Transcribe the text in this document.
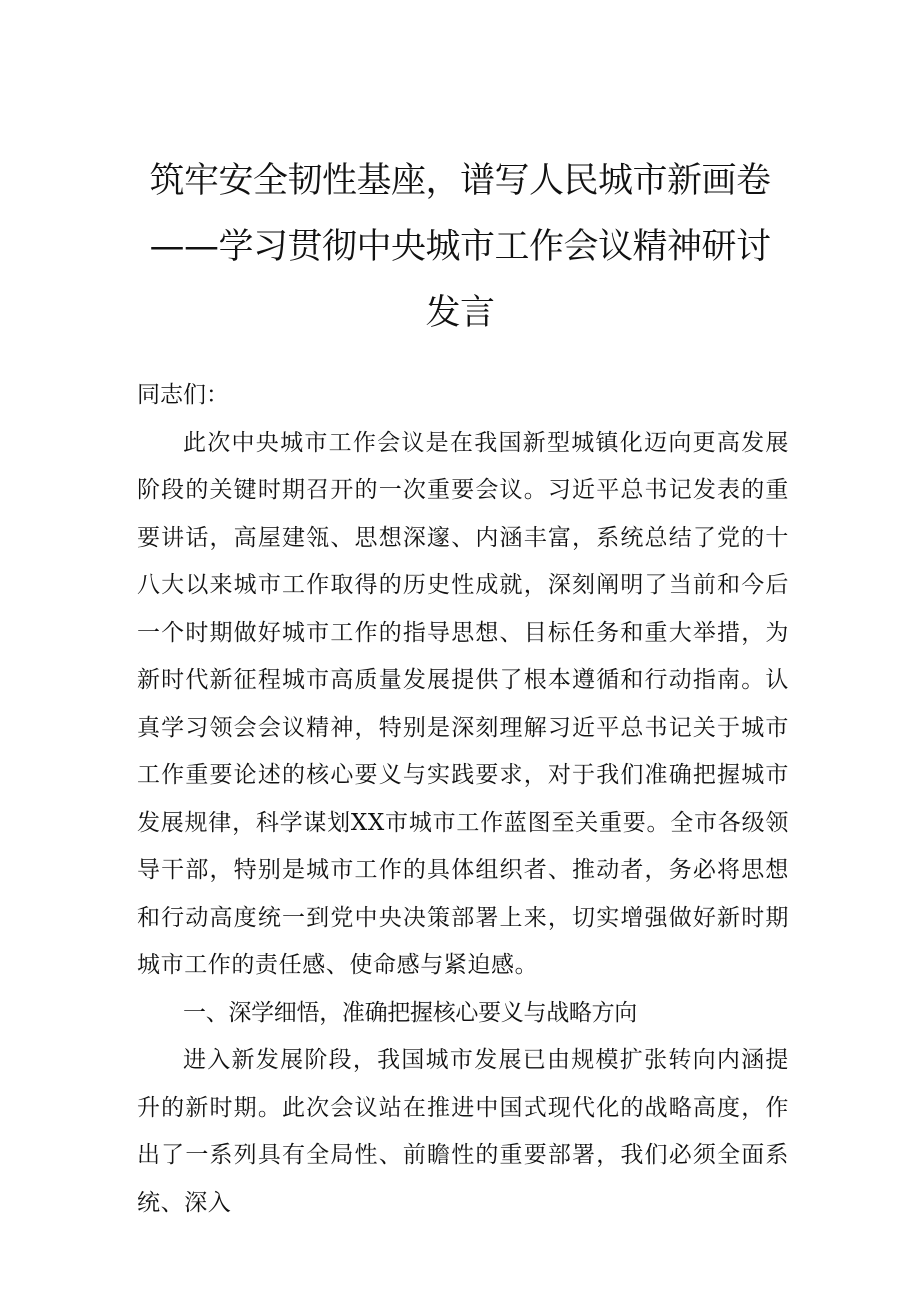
筑牢安全韧性基座，谱写人民城市新画卷
——学习贯彻中央城市工作会议精神研讨
发言

同志们：

此次中央城市工作会议是在我国新型城镇化迈向更高发展阶段的关键时期召开的一次重要会议。习近平总书记发表的重要讲话，高屋建瓴、思想深邃、内涵丰富，系统总结了党的十八大以来城市工作取得的历史性成就，深刻阐明了当前和今后一个时期做好城市工作的指导思想、目标任务和重大举措，为新时代新征程城市高质量发展提供了根本遵循和行动指南。认真学习领会会议精神，特别是深刻理解习近平总书记关于城市工作重要论述的核心要义与实践要求，对于我们准确把握城市发展规律，科学谋划XX市城市工作蓝图至关重要。全市各级领导干部，特别是城市工作的具体组织者、推动者，务必将思想和行动高度统一到党中央决策部署上来，切实增强做好新时期城市工作的责任感、使命感与紧迫感。

一、深学细悟，准确把握核心要义与战略方向

进入新发展阶段，我国城市发展已由规模扩张转向内涵提升的新时期。此次会议站在推进中国式现代化的战略高度，作出了一系列具有全局性、前瞻性的重要部署，我们必须全面系统、深入
